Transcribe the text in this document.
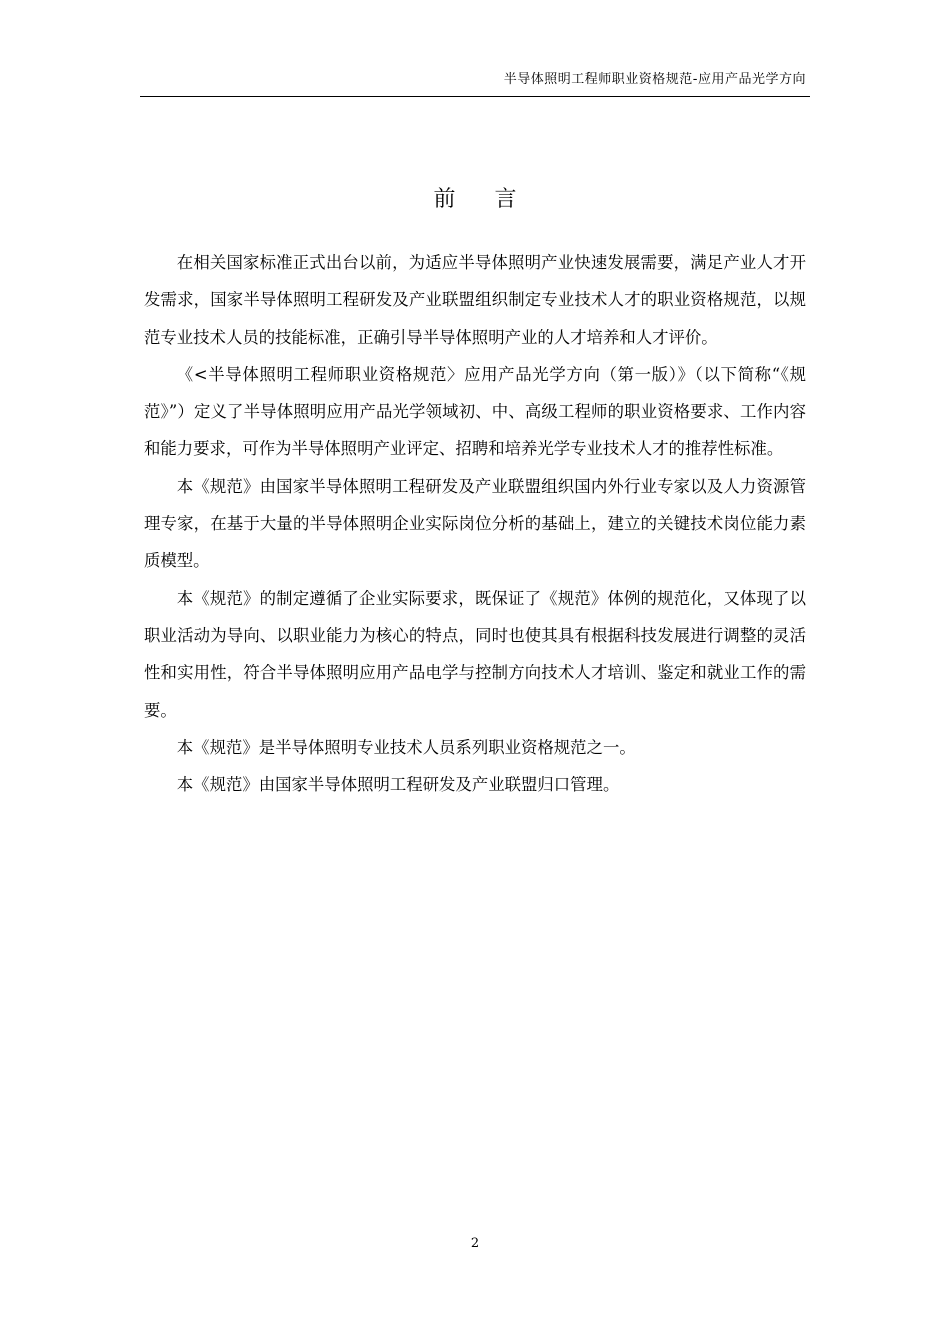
半导体照明工程师职业资格规范-应用产品光学方向
前 言

在相关国家标准正式出台以前，为适应半导体照明产业快速发展需要，满足产业人才开发需求，国家半导体照明工程研发及产业联盟组织制定专业技术人才的职业资格规范，以规范专业技术人员的技能标准，正确引导半导体照明产业的人才培养和人才评价。

《<半导体照明工程师职业资格规范〉应用产品光学方向（第一版）》（以下简称“《规范》”）定义了半导体照明应用产品光学领域初、中、高级工程师的职业资格要求、工作内容和能力要求，可作为半导体照明产业评定、招聘和培养光学专业技术人才的推荐性标准。

本《规范》由国家半导体照明工程研发及产业联盟组织国内外行业专家以及人力资源管理专家，在基于大量的半导体照明企业实际岗位分析的基础上，建立的关键技术岗位能力素质模型。

本《规范》的制定遵循了企业实际要求，既保证了《规范》体例的规范化，又体现了以职业活动为导向、以职业能力为核心的特点，同时也使其具有根据科技发展进行调整的灵活性和实用性，符合半导体照明应用产品电学与控制方向技术人才培训、鉴定和就业工作的需要。

本《规范》是半导体照明专业技术人员系列职业资格规范之一。

本《规范》由国家半导体照明工程研发及产业联盟归口管理。

2
